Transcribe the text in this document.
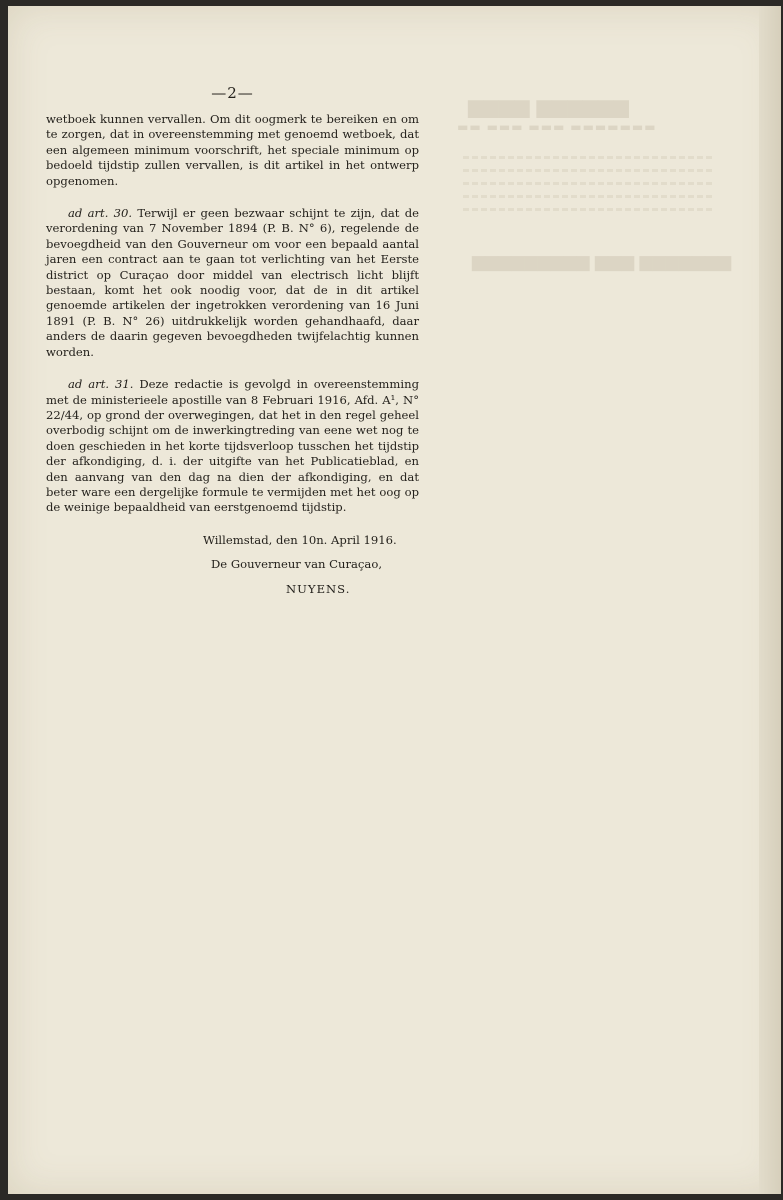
▆▆▆▆▆▆ ▆▆▆▆
▬▬▬▬▬▬▬ ▬▬▬ ▬▬▬ ▬▬
▆▆▆▆▆▆▆ ▆▆▆ ▆▆▆▆▆▆▆▆▆
—2—

wetboek kunnen vervallen. Om dit oogmerk te bereiken en om te zorgen, dat in overeenstemming met genoemd wetboek, dat een algemeen minimum voorschrift, het speciale minimum op bedoeld tijdstip zullen vervallen, is dit artikel in het ontwerp opgenomen.

ad art. 30. Terwijl er geen bezwaar schijnt te zijn, dat de verordening van 7 November 1894 (P. B. N° 6), regelende de bevoegdheid van den Gouverneur om voor een bepaald aantal jaren een contract aan te gaan tot verlichting van het Eerste district op Curaçao door middel van electrisch licht blijft bestaan, komt het ook noodig voor, dat de in dit artikel genoemde artikelen der ingetrokken verordening van 16 Juni 1891 (P. B. N° 26) uitdrukkelijk worden gehandhaafd, daar anders de daarin gegeven bevoegdheden twijfelachtig kunnen worden.

ad art. 31. Deze redactie is gevolgd in overeenstemming met de ministerieele apostille van 8 Februari 1916, Afd. A¹, N° 22/44, op grond der overwegingen, dat het in den regel geheel overbodig schijnt om de inwerkingtreding van eene wet nog te doen geschieden in het korte tijdsverloop tusschen het tijdstip der afkondiging, d. i. der uitgifte van het Publicatieblad, en den aanvang van den dag na dien der afkondiging, en dat beter ware een dergelijke formule te vermijden met het oog op de weinige bepaaldheid van eerstgenoemd tijdstip.

Willemstad, den 10n. April 1916.

De Gouverneur van Curaçao,

NUYENS.
